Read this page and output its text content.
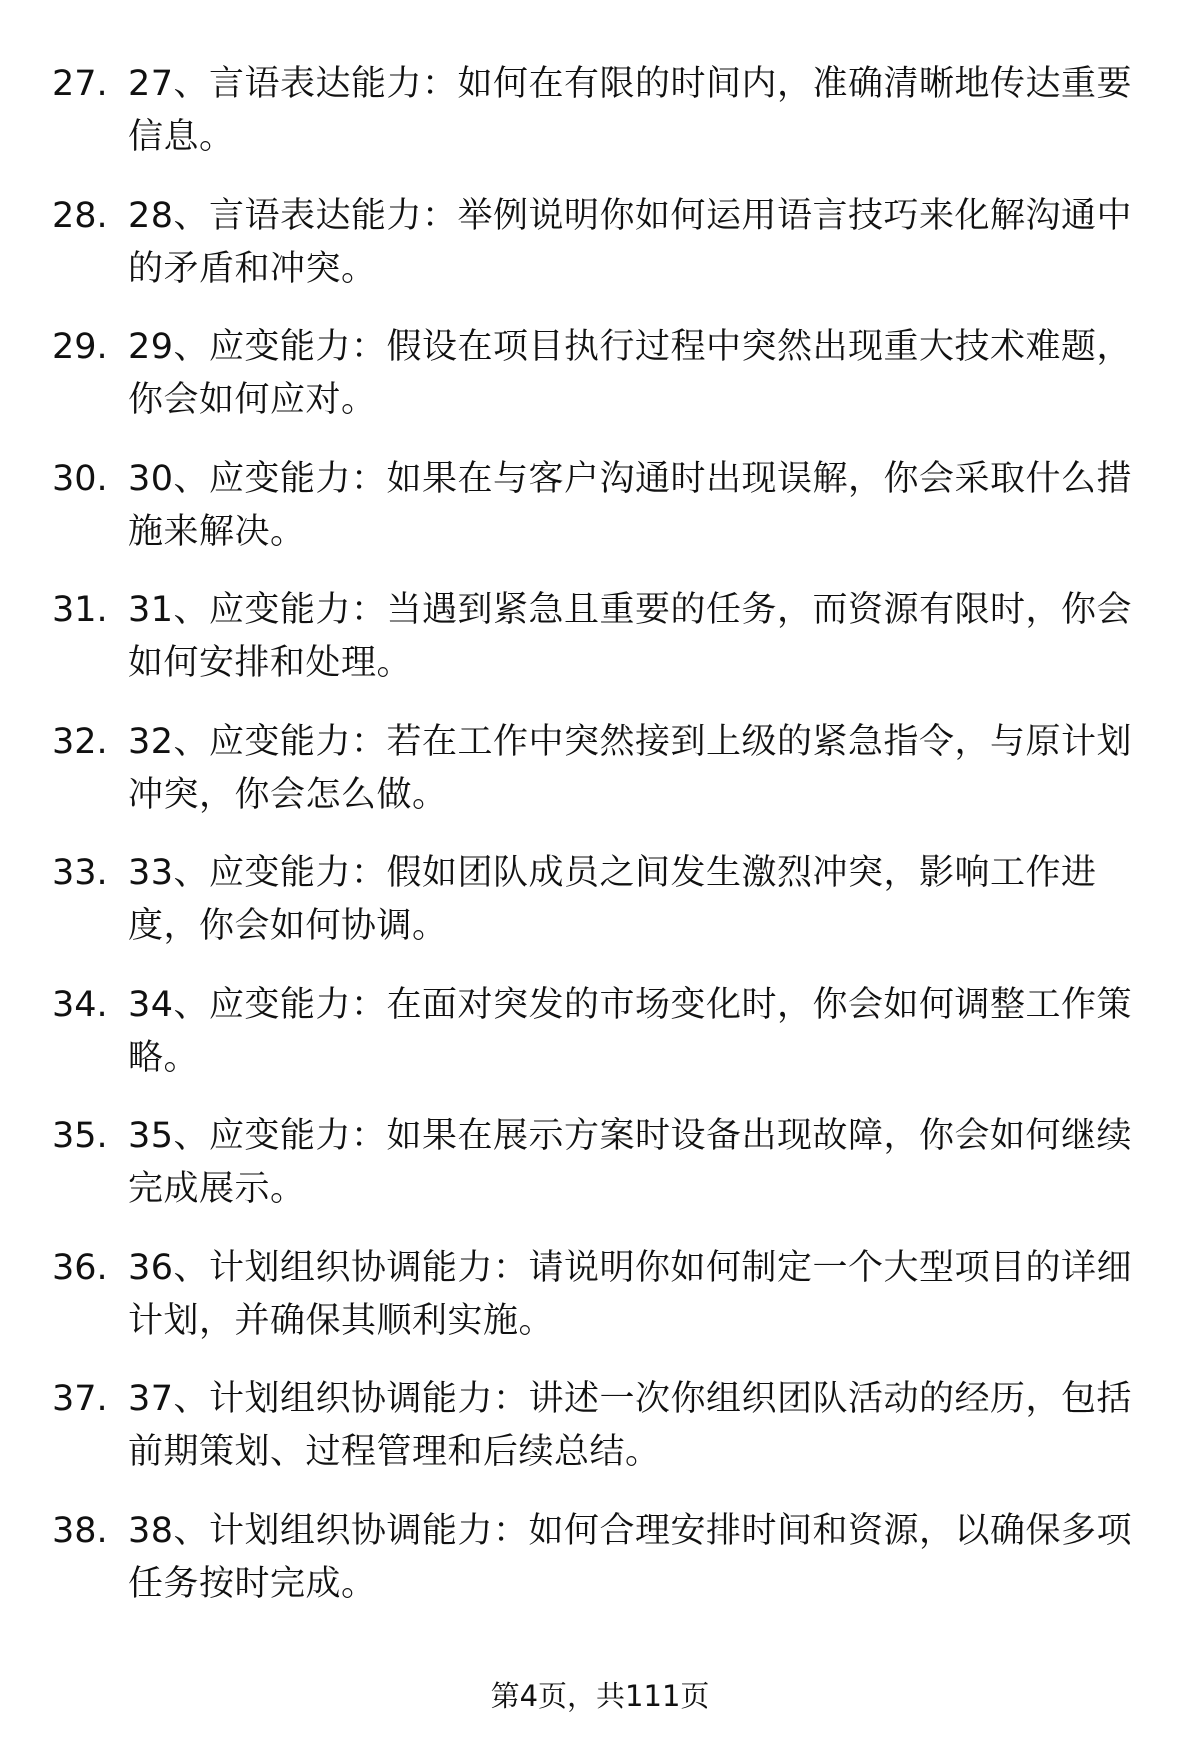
27. 27、言语表达能力：如何在有限的时间内，准确清晰地传达重要信息。
28. 28、言语表达能力：举例说明你如何运用语言技巧来化解沟通中的矛盾和冲突。
29. 29、应变能力：假设在项目执行过程中突然出现重大技术难题，你会如何应对。
30. 30、应变能力：如果在与客户沟通时出现误解，你会采取什么措施来解决。
31. 31、应变能力：当遇到紧急且重要的任务，而资源有限时，你会如何安排和处理。
32. 32、应变能力：若在工作中突然接到上级的紧急指令，与原计划冲突，你会怎么做。
33. 33、应变能力：假如团队成员之间发生激烈冲突，影响工作进度，你会如何协调。
34. 34、应变能力：在面对突发的市场变化时，你会如何调整工作策略。
35. 35、应变能力：如果在展示方案时设备出现故障，你会如何继续完成展示。
36. 36、计划组织协调能力：请说明你如何制定一个大型项目的详细计划，并确保其顺利实施。
37. 37、计划组织协调能力：讲述一次你组织团队活动的经历，包括前期策划、过程管理和后续总结。
38. 38、计划组织协调能力：如何合理安排时间和资源，以确保多项任务按时完成。
第4页，共111页
